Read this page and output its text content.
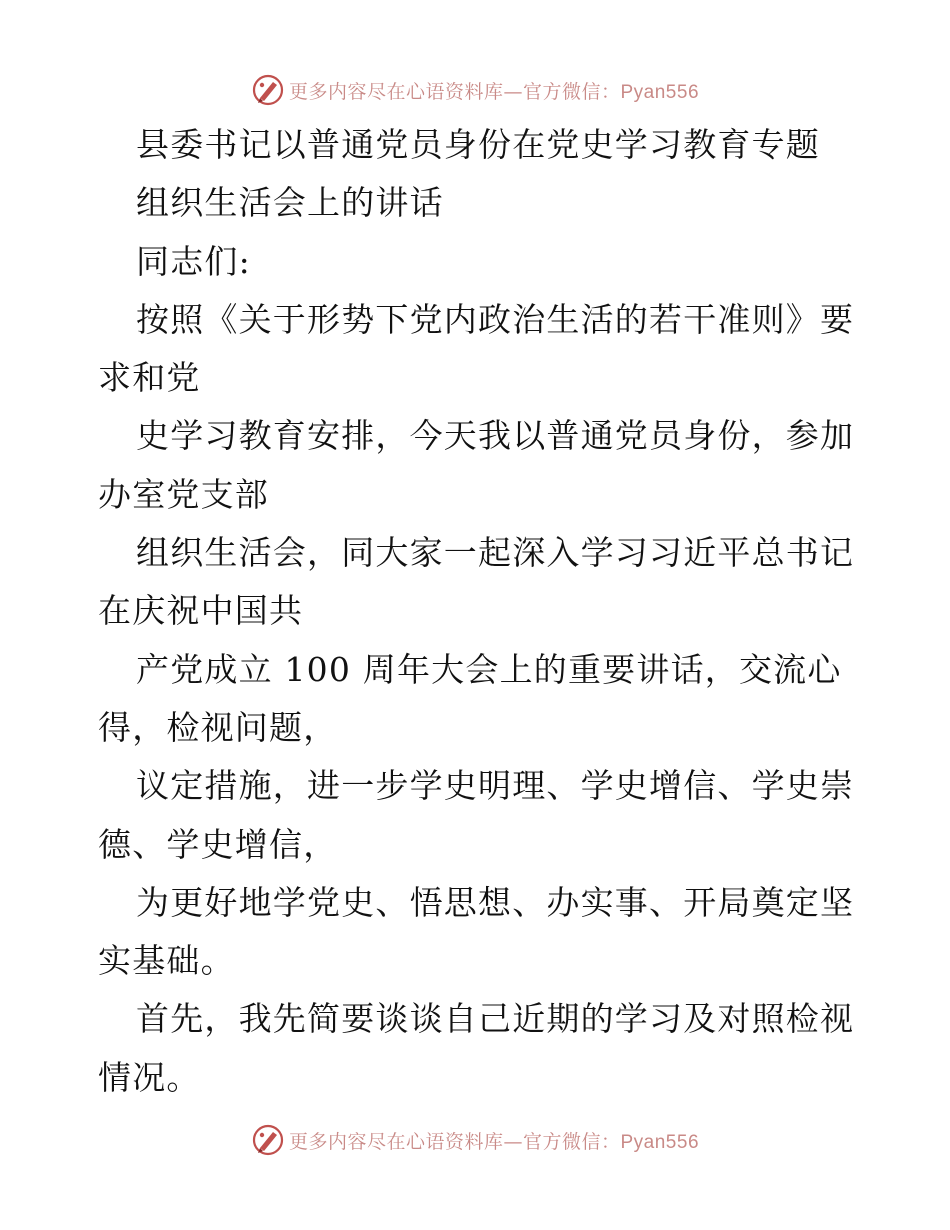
更多内容尽在心语资料库—官方微信：Pyan556
县委书记以普通党员身份在党史学习教育专题
组织生活会上的讲话
同志们:
按照《关于形势下党内政治生活的若干准则》要
求和党
史学习教育安排，今天我以普通党员身份，参加
办室党支部
组织生活会，同大家一起深入学习习近平总书记
在庆祝中国共
产党成立 100 周年大会上的重要讲话，交流心
得，检视问题，
议定措施，进一步学史明理、学史增信、学史崇
德、学史增信，
为更好地学党史、悟思想、办实事、开局奠定坚
实基础。
首先，我先简要谈谈自己近期的学习及对照检视
情况。
更多内容尽在心语资料库—官方微信：Pyan556
